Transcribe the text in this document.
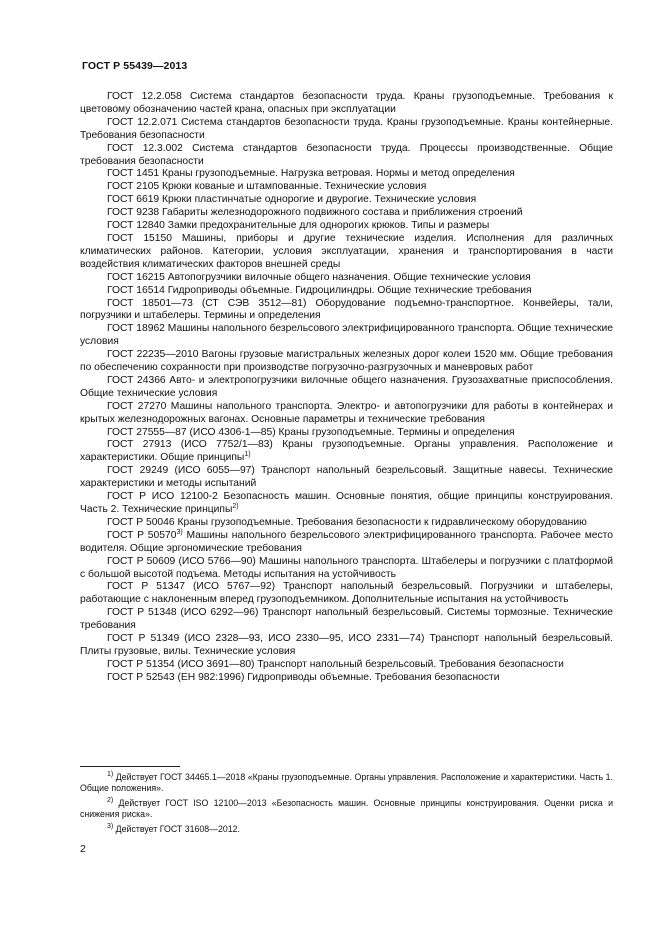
ГОСТ Р 55439—2013

ГОСТ 12.2.058 Система стандартов безопасности труда. Краны грузоподъемные. Требования к цветовому обозначению частей крана, опасных при эксплуатации

ГОСТ 12.2.071 Система стандартов безопасности труда. Краны грузоподъемные. Краны контейнерные. Требования безопасности

ГОСТ 12.3.002 Система стандартов безопасности труда. Процессы производственные. Общие требования безопасности

ГОСТ 1451 Краны грузоподъемные. Нагрузка ветровая. Нормы и метод определения

ГОСТ 2105 Крюки кованые и штампованные. Технические условия

ГОСТ 6619 Крюки пластинчатые однорогие и двурогие. Технические условия

ГОСТ 9238 Габариты железнодорожного подвижного состава и приближения строений

ГОСТ 12840 Замки предохранительные для однорогих крюков. Типы и размеры

ГОСТ 15150 Машины, приборы и другие технические изделия. Исполнения для различных климатических районов. Категории, условия эксплуатации, хранения и транспортирования в части воздействия климатических факторов внешней среды

ГОСТ 16215 Автопогрузчики вилочные общего назначения. Общие технические условия

ГОСТ 16514 Гидроприводы объемные. Гидроцилиндры. Общие технические требования

ГОСТ 18501—73 (СТ СЭВ 3512—81) Оборудование подъемно-транспортное. Конвейеры, тали, погрузчики и штабелеры. Термины и определения

ГОСТ 18962 Машины напольного безрельсового электрифицированного транспорта. Общие технические условия

ГОСТ 22235—2010 Вагоны грузовые магистральных железных дорог колеи 1520 мм. Общие требования по обеспечению сохранности при производстве погрузочно-разгрузочных и маневровых работ

ГОСТ 24366 Авто- и электропогрузчики вилочные общего назначения. Грузозахватные приспособления. Общие технические условия

ГОСТ 27270 Машины напольного транспорта. Электро- и автопогрузчики для работы в контейнерах и крытых железнодорожных вагонах. Основные параметры и технические требования

ГОСТ 27555—87 (ИСО 4306-1—85) Краны грузоподъемные. Термины и определения

ГОСТ 27913 (ИСО 7752/1—83) Краны грузоподъемные. Органы управления. Расположение и характеристики. Общие принципы$^{1)}$

ГОСТ 29249 (ИСО 6055—97) Транспорт напольный безрельсовый. Защитные навесы. Технические характеристики и методы испытаний

ГОСТ Р ИСО 12100-2 Безопасность машин. Основные понятия, общие принципы конструирования. Часть 2. Технические принципы$^{2)}$

ГОСТ Р 50046 Краны грузоподъемные. Требования безопасности к гидравлическому оборудованию

ГОСТ Р 50570$^{3)}$ Машины напольного безрельсового электрифицированного транспорта. Рабочее место водителя. Общие эргономические требования

ГОСТ Р 50609 (ИСО 5766—90) Машины напольного транспорта. Штабелеры и погрузчики с платформой с большой высотой подъема. Методы испытания на устойчивость

ГОСТ Р 51347 (ИСО 5767—92) Транспорт напольный безрельсовый. Погрузчики и штабелеры, работающие с наклоненным вперед грузоподъемником. Дополнительные испытания на устойчивость

ГОСТ Р 51348 (ИСО 6292—96) Транспорт напольный безрельсовый. Системы тормозные. Технические требования

ГОСТ Р 51349 (ИСО 2328—93, ИСО 2330—95, ИСО 2331—74) Транспорт напольный безрельсовый. Плиты грузовые, вилы. Технические условия

ГОСТ Р 51354 (ИСО 3691—80) Транспорт напольный безрельсовый. Требования безопасности

ГОСТ Р 52543 (ЕН 982:1996) Гидроприводы объемные. Требования безопасности

$^{1)}$ Действует ГОСТ 34465.1—2018 «Краны грузоподъемные. Органы управления. Расположение и характеристики. Часть 1. Общие положения».

$^{2)}$ Действует ГОСТ ISO 12100—2013 «Безопасность машин. Основные принципы конструирования. Оценки риска и снижения риска».

$^{3)}$ Действует ГОСТ 31608—2012.

2
